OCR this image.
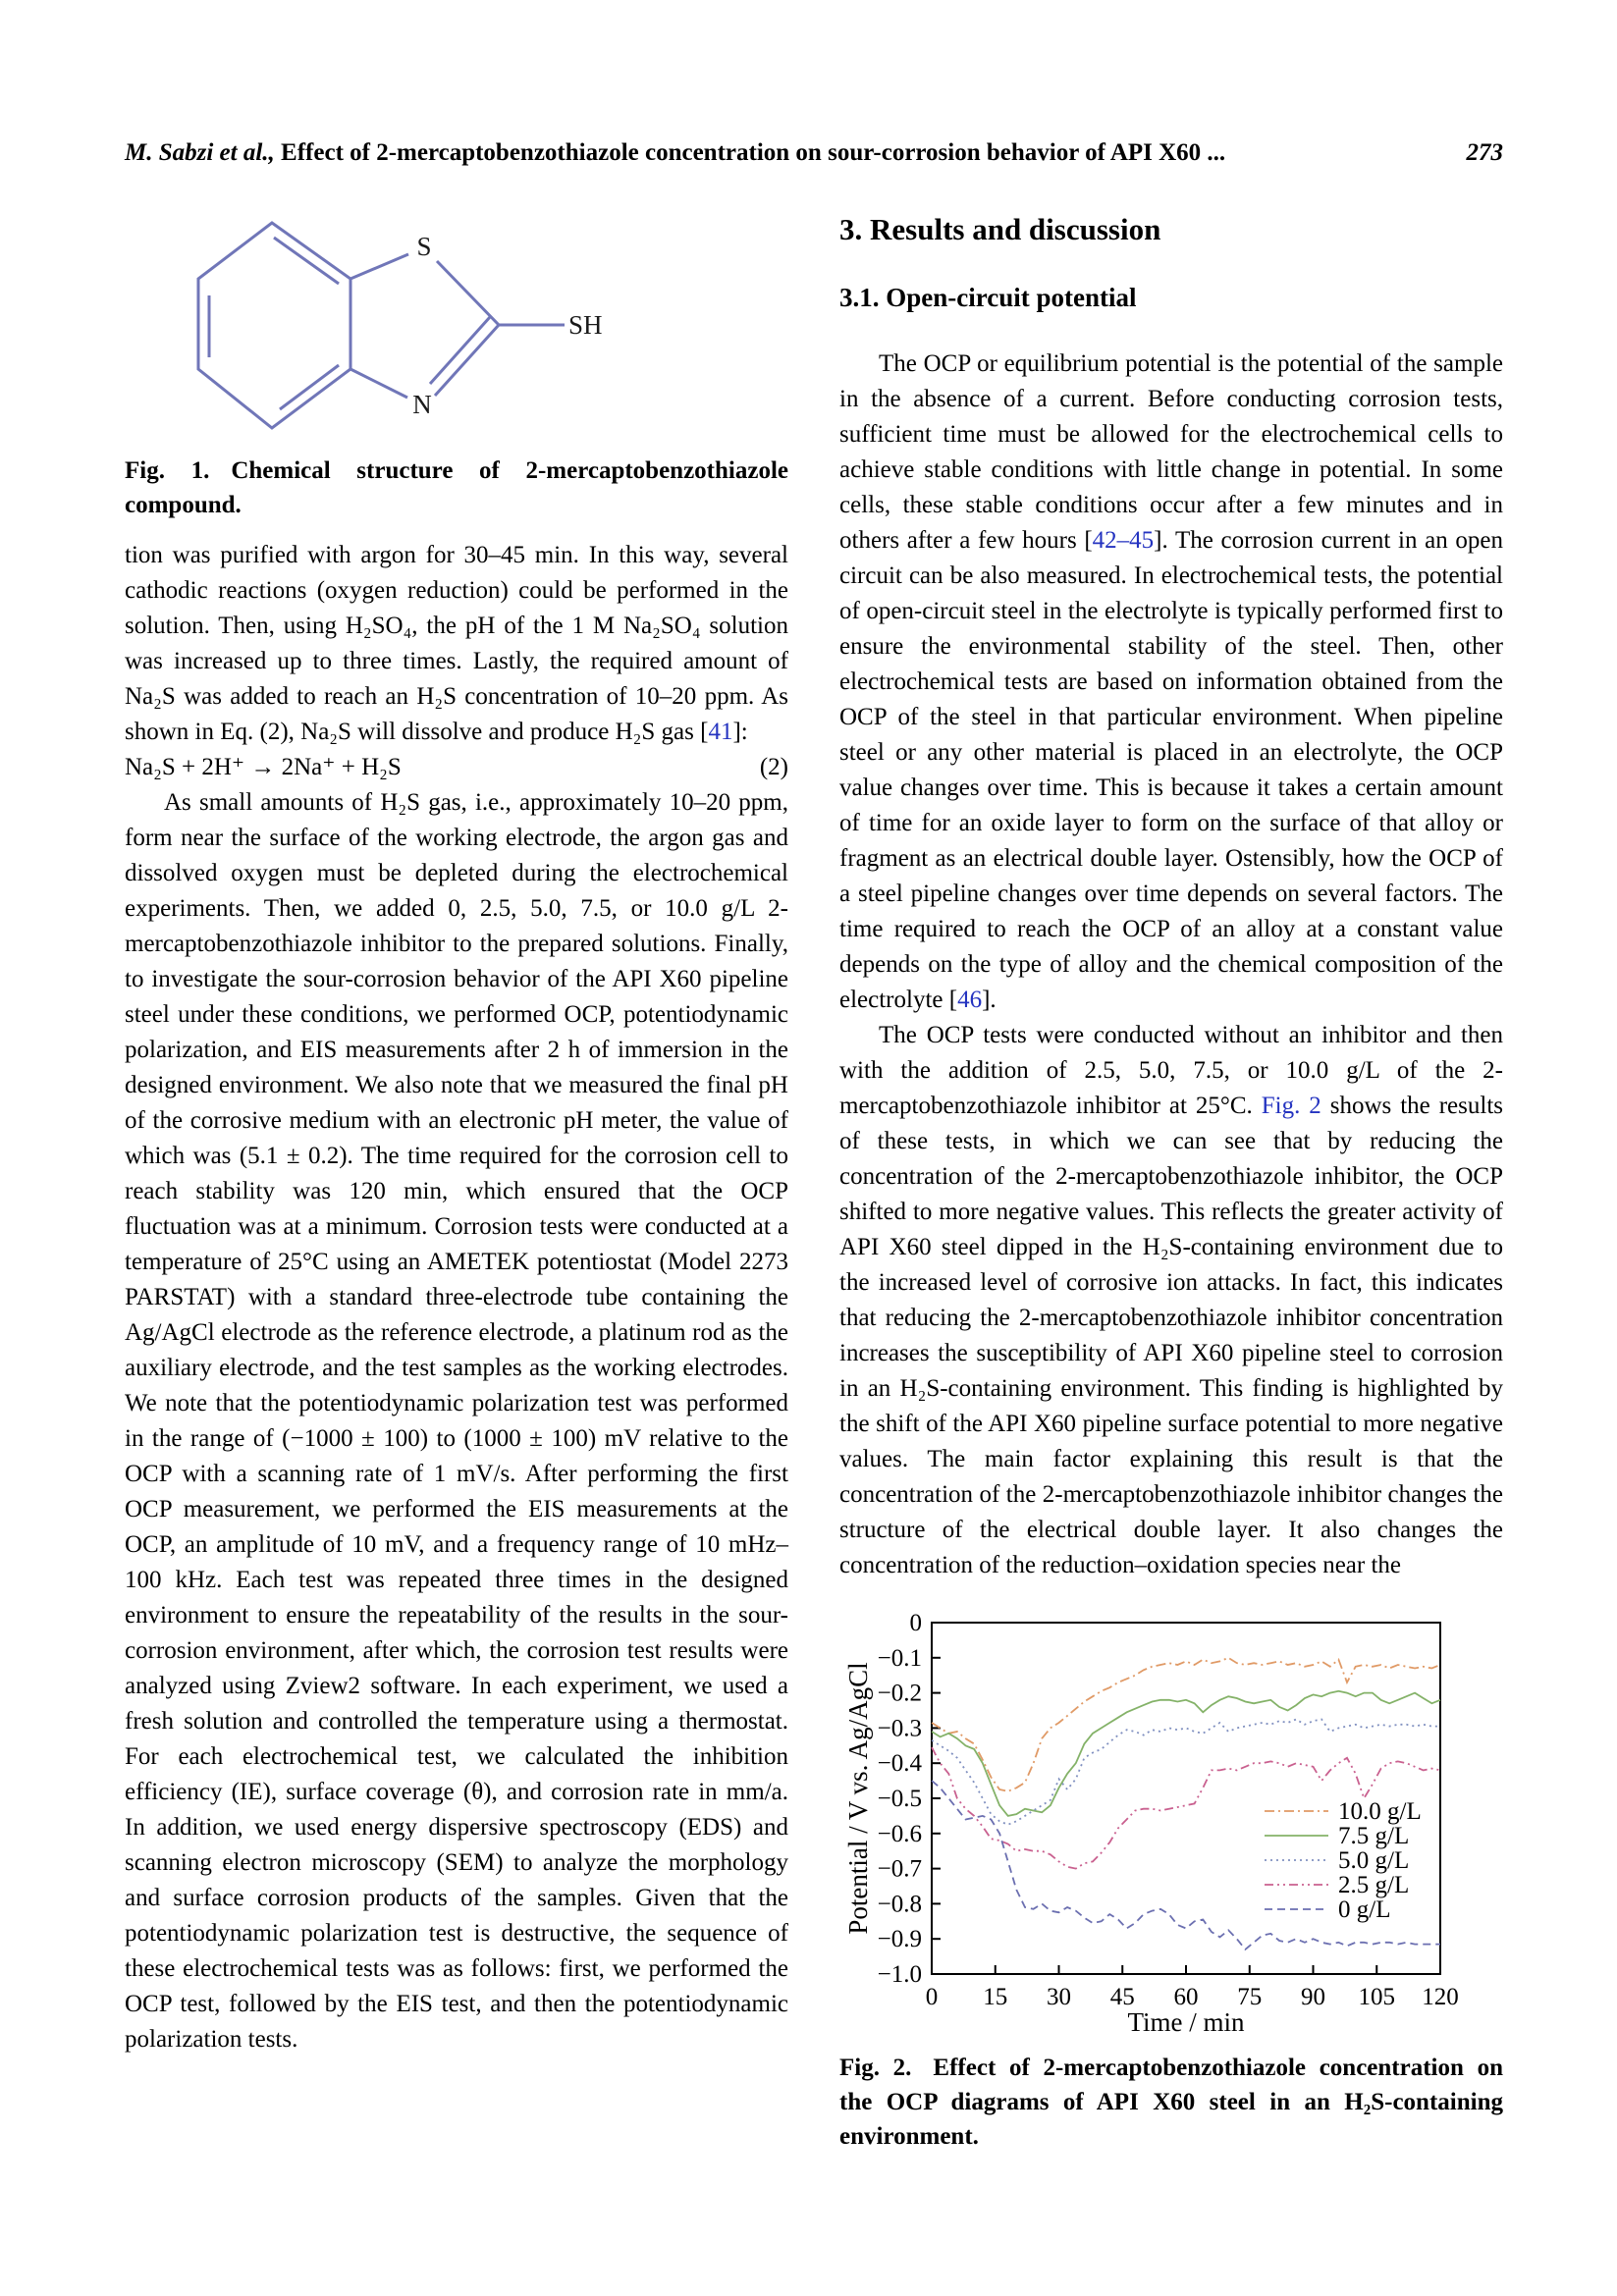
M. Sabzi et al., Effect of 2-mercaptobenzothiazole concentration on sour-corrosion behavior of API X60 ...	273
S
N
SH

Fig. 1. Chemical structure of 2-mercaptobenzothiazole compound.

tion was purified with argon for 30–45 min. In this way, several cathodic reactions (oxygen reduction) could be performed in the solution. Then, using H₂SO₄, the pH of the 1 M Na₂SO₄ solution was increased up to three times. Lastly, the required amount of Na₂S was added to reach an H₂S concentration of 10–20 ppm. As shown in Eq. (2), Na₂S will dissolve and produce H₂S gas [41]:

Na₂S + 2H⁺ → 2Na⁺ + H₂S	(2)

As small amounts of H₂S gas, i.e., approximately 10–20 ppm, form near the surface of the working electrode, the argon gas and dissolved oxygen must be depleted during the electrochemical experiments. Then, we added 0, 2.5, 5.0, 7.5, or 10.0 g/L 2-mercaptobenzothiazole inhibitor to the prepared solutions. Finally, to investigate the sour-corrosion behavior of the API X60 pipeline steel under these conditions, we performed OCP, potentiodynamic polarization, and EIS measurements after 2 h of immersion in the designed environment. We also note that we measured the final pH of the corrosive medium with an electronic pH meter, the value of which was (5.1 ± 0.2). The time required for the corrosion cell to reach stability was 120 min, which ensured that the OCP fluctuation was at a minimum. Corrosion tests were conducted at a temperature of 25°C using an AMETEK potentiostat (Model 2273 PARSTAT) with a standard three-electrode tube containing the Ag/AgCl electrode as the reference electrode, a platinum rod as the auxiliary electrode, and the test samples as the working electrodes. We note that the potentiodynamic polarization test was performed in the range of (−1000 ± 100) to (1000 ± 100) mV relative to the OCP with a scanning rate of 1 mV/s. After performing the first OCP measurement, we performed the EIS measurements at the OCP, an amplitude of 10 mV, and a frequency range of 10 mHz–100 kHz. Each test was repeated three times in the designed environment to ensure the repeatability of the results in the sour-corrosion environment, after which, the corrosion test results were analyzed using Zview2 software. In each experiment, we used a fresh solution and controlled the temperature using a thermostat. For each electrochemical test, we calculated the inhibition efficiency (IE), surface coverage (θ), and corrosion rate in mm/a. In addition, we used energy dispersive spectroscopy (EDS) and scanning electron microscopy (SEM) to analyze the morphology and surface corrosion products of the samples. Given that the potentiodynamic polarization test is destructive, the sequence of these electrochemical tests was as follows: first, we performed the OCP test, followed by the EIS test, and then the potentiodynamic polarization tests.

3. Results and discussion
3.1. Open-circuit potential

The OCP or equilibrium potential is the potential of the sample in the absence of a current. Before conducting corrosion tests, sufficient time must be allowed for the electrochemical cells to achieve stable conditions with little change in potential. In some cells, these stable conditions occur after a few minutes and in others after a few hours [42–45]. The corrosion current in an open circuit can be also measured. In electrochemical tests, the potential of open-circuit steel in the electrolyte is typically performed first to ensure the environmental stability of the steel. Then, other electrochemical tests are based on information obtained from the OCP of the steel in that particular environment. When pipeline steel or any other material is placed in an electrolyte, the OCP value changes over time. This is because it takes a certain amount of time for an oxide layer to form on the surface of that alloy or fragment as an electrical double layer. Ostensibly, how the OCP of a steel pipeline changes over time depends on several factors. The time required to reach the OCP of an alloy at a constant value depends on the type of alloy and the chemical composition of the electrolyte [46].

The OCP tests were conducted without an inhibitor and then with the addition of 2.5, 5.0, 7.5, or 10.0 g/L of the 2-mercaptobenzothiazole inhibitor at 25°C. Fig. 2 shows the results of these tests, in which we can see that by reducing the concentration of the 2-mercaptobenzothiazole inhibitor, the OCP shifted to more negative values. This reflects the greater activity of API X60 steel dipped in the H₂S-containing environment due to the increased level of corrosive ion attacks. In fact, this indicates that reducing the 2-mercaptobenzothiazole inhibitor concentration increases the susceptibility of API X60 pipeline steel to corrosion in an H₂S-containing environment. This finding is highlighted by the shift of the API X60 pipeline surface potential to more negative values. The main factor explaining this result is that the concentration of the 2-mercaptobenzothiazole inhibitor changes the structure of the electrical double layer. It also changes the concentration of the reduction–oxidation species near the

0 15 30 45 60 75 90 105 120
0
−0.1
−0.2
−0.3
−0.4
−0.5
−0.6
−0.7
−0.8
−0.9
−1.0
Time / min
Potential / V vs. Ag/AgCl	10.0 g/L
7.5 g/L
5.0 g/L
2.5 g/L
0 g/L

Fig. 2. Effect of 2-mercaptobenzothiazole concentration on the OCP diagrams of API X60 steel in an H₂S-containing environment.
